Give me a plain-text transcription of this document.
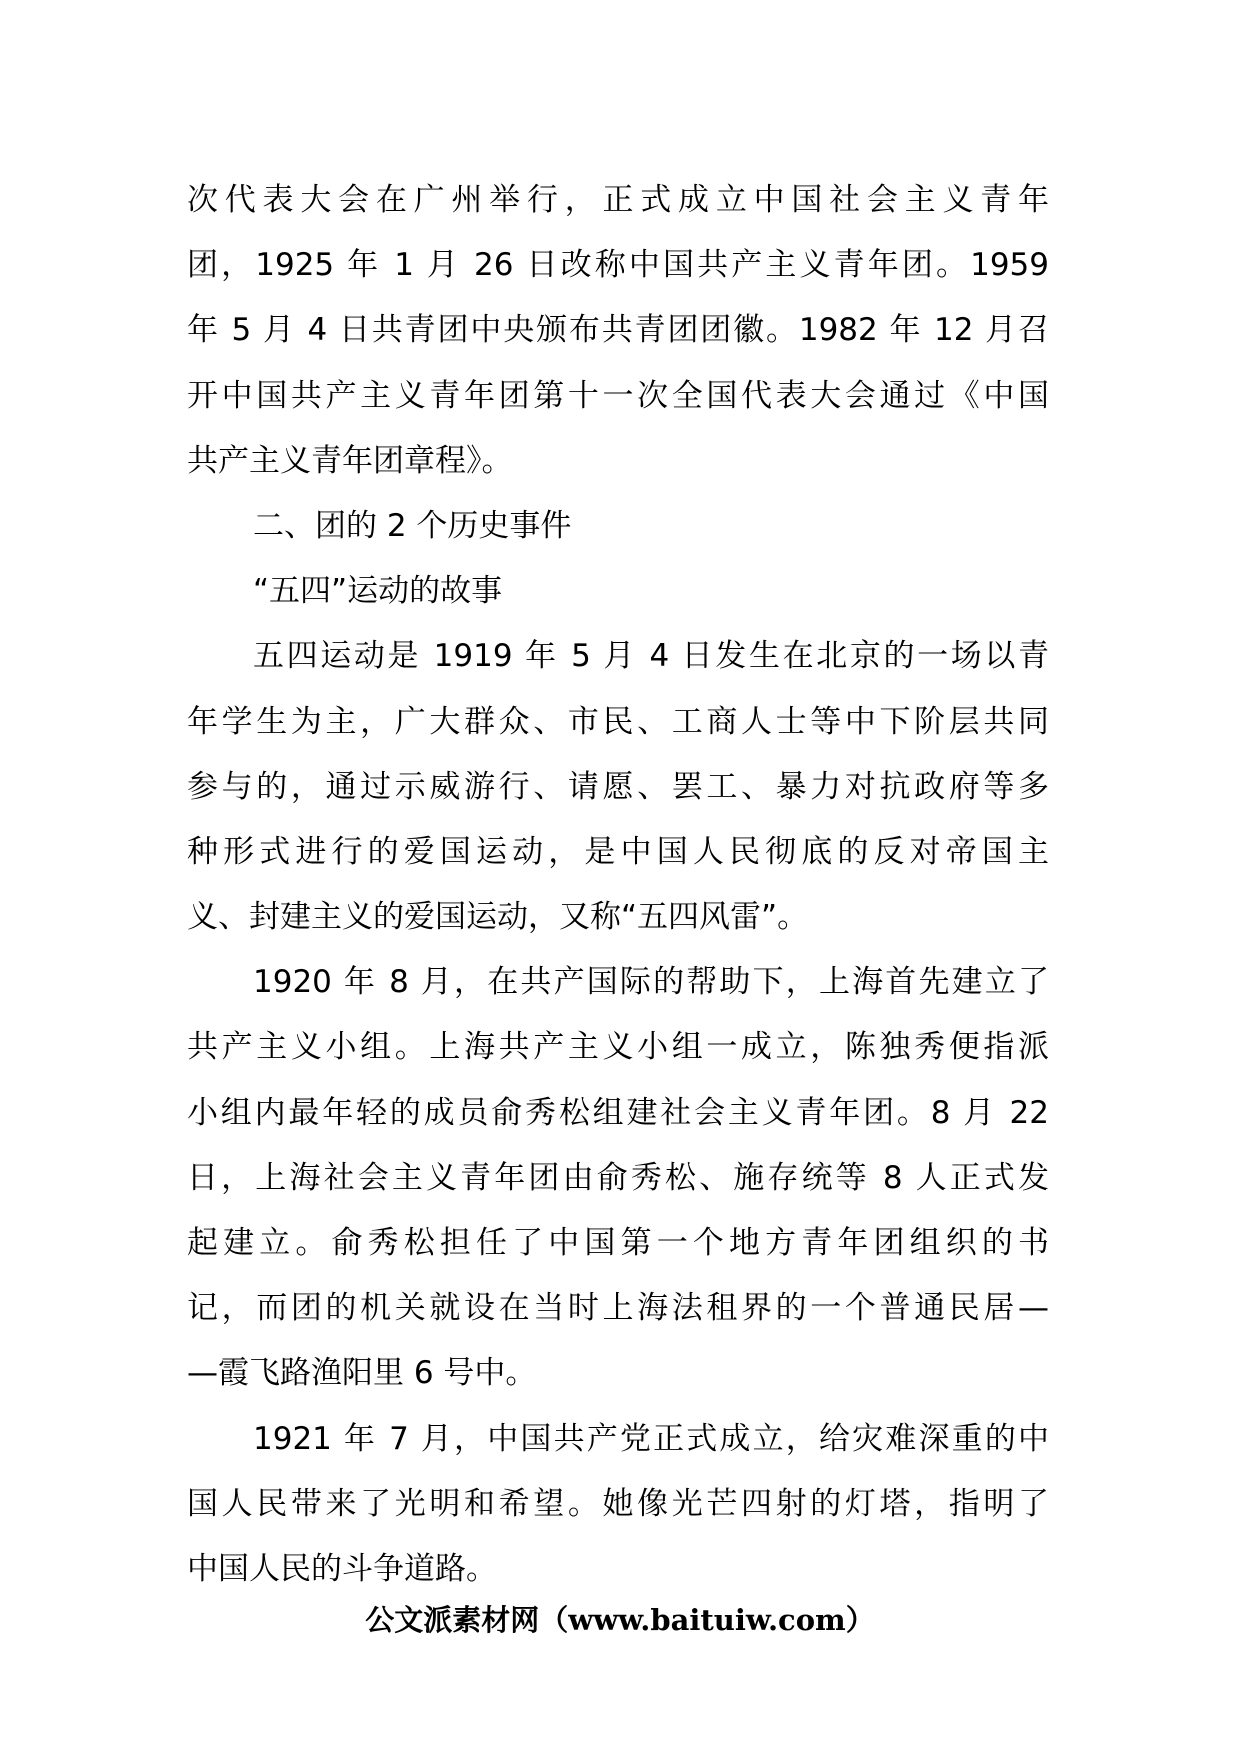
次代表大会在广州举行，正式成立中国社会主义青年
团，1925 年 1 月 26 日改称中国共产主义青年团。1959
年 5 月 4 日共青团中央颁布共青团团徽。1982 年 12 月召
开中国共产主义青年团第十一次全国代表大会通过《中国
共产主义青年团章程》。
二、团的 2 个历史事件
“五四”运动的故事
五四运动是 1919 年 5 月 4 日发生在北京的一场以青
年学生为主，广大群众、市民、工商人士等中下阶层共同
参与的，通过示威游行、请愿、罢工、暴力对抗政府等多
种形式进行的爱国运动，是中国人民彻底的反对帝国主
义、封建主义的爱国运动，又称“五四风雷”。
1920 年 8 月，在共产国际的帮助下，上海首先建立了
共产主义小组。上海共产主义小组一成立，陈独秀便指派
小组内最年轻的成员俞秀松组建社会主义青年团。8 月 22
日，上海社会主义青年团由俞秀松、施存统等 8 人正式发
起建立。俞秀松担任了中国第一个地方青年团组织的书
记，而团的机关就设在当时上海法租界的一个普通民居—
—霞飞路渔阳里 6 号中。
1921 年 7 月，中国共产党正式成立，给灾难深重的中
国人民带来了光明和希望。她像光芒四射的灯塔，指明了
中国人民的斗争道路。
公文派素材网（www.baituiw.com）
